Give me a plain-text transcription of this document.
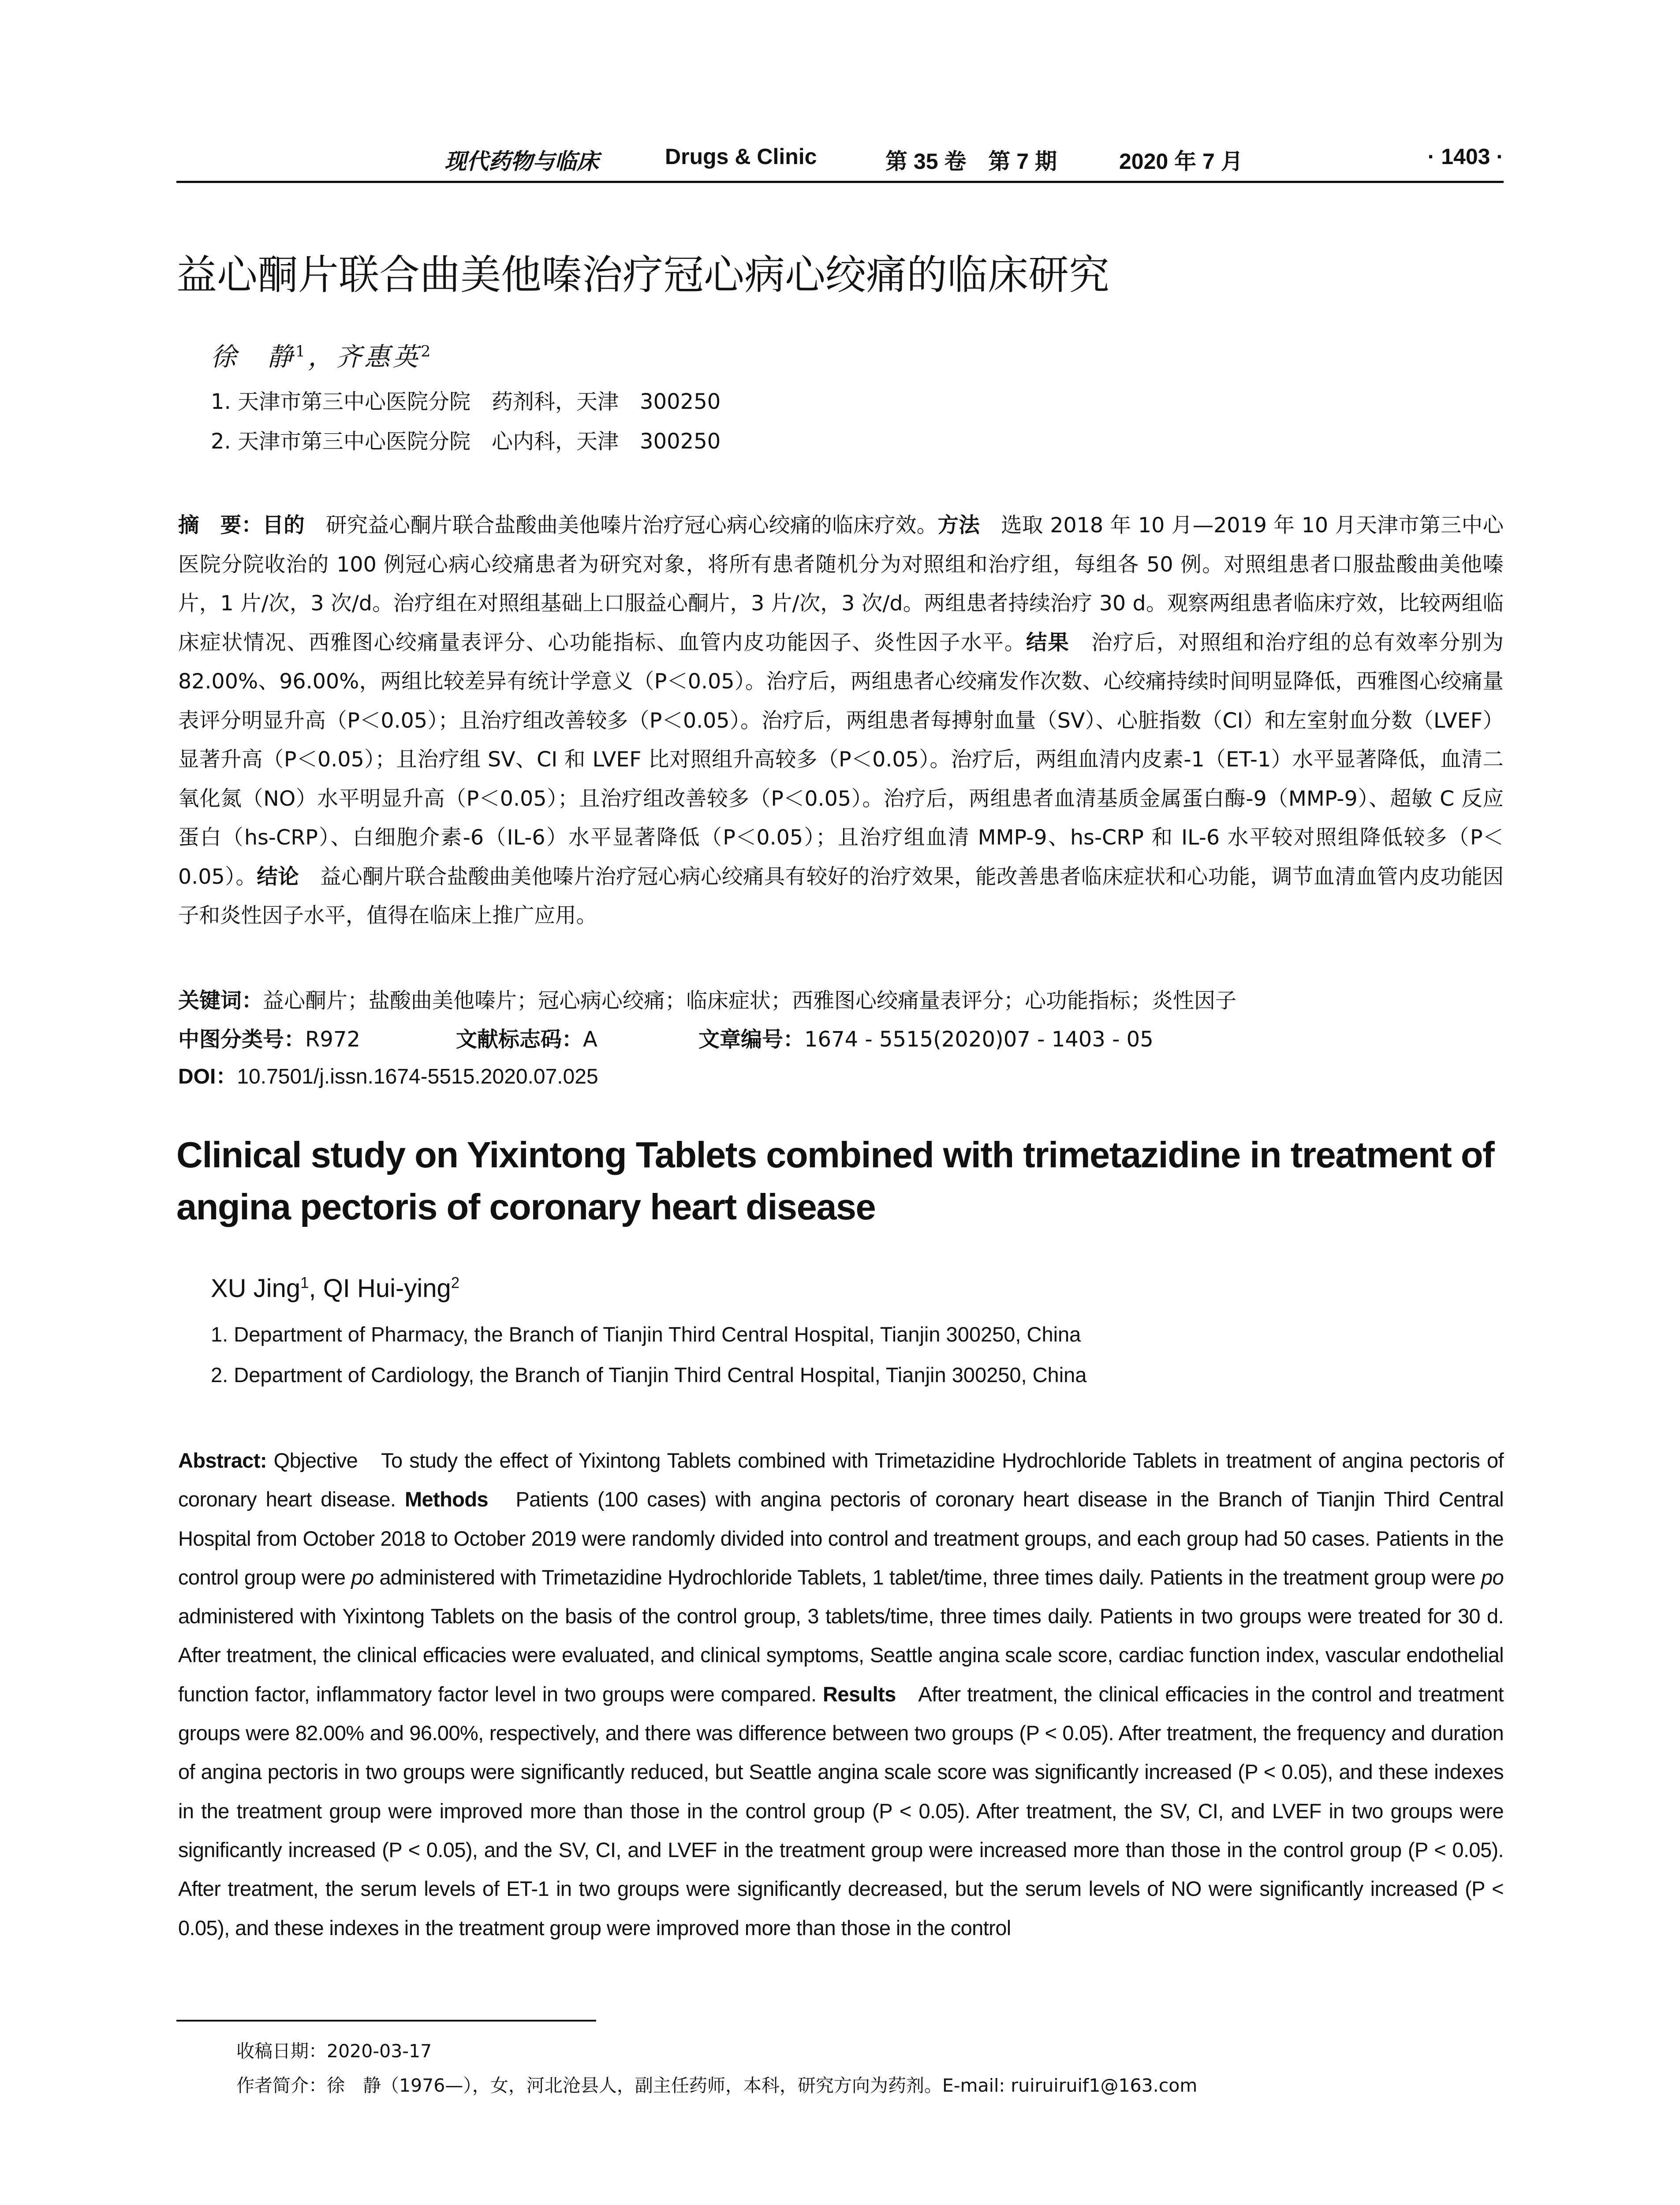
现代药物与临床	Drugs & Clinic	第 35 卷　第 7 期	2020 年 7 月	· 1403 ·
益心酮片联合曲美他嗪治疗冠心病心绞痛的临床研究
徐　静$^1$，齐惠英$^2$
1. 天津市第三中心医院分院　药剂科，天津　300250
2. 天津市第三中心医院分院　心内科，天津　300250
摘　要：目的　研究益心酮片联合盐酸曲美他嗪片治疗冠心病心绞痛的临床疗效。方法　选取 2018 年 10 月—2019 年 10 月天津市第三中心医院分院收治的 100 例冠心病心绞痛患者为研究对象，将所有患者随机分为对照组和治疗组，每组各 50 例。对照组患者口服盐酸曲美他嗪片，1 片/次，3 次/d。治疗组在对照组基础上口服益心酮片，3 片/次，3 次/d。两组患者持续治疗 30 d。观察两组患者临床疗效，比较两组临床症状情况、西雅图心绞痛量表评分、心功能指标、血管内皮功能因子、炎性因子水平。结果　治疗后，对照组和治疗组的总有效率分别为 82.00%、96.00%，两组比较差异有统计学意义（P＜0.05）。治疗后，两组患者心绞痛发作次数、心绞痛持续时间明显降低，西雅图心绞痛量表评分明显升高（P＜0.05）；且治疗组改善较多（P＜0.05）。治疗后，两组患者每搏射血量（SV）、心脏指数（CI）和左室射血分数（LVEF）显著升高（P＜0.05）；且治疗组 SV、CI 和 LVEF 比对照组升高较多（P＜0.05）。治疗后，两组血清内皮素-1（ET-1）水平显著降低，血清二氧化氮（NO）水平明显升高（P＜0.05）；且治疗组改善较多（P＜0.05）。治疗后，两组患者血清基质金属蛋白酶-9（MMP-9）、超敏 C 反应蛋白（hs-CRP）、白细胞介素-6（IL-6）水平显著降低（P＜0.05）；且治疗组血清 MMP-9、hs-CRP 和 IL-6 水平较对照组降低较多（P＜0.05）。结论　益心酮片联合盐酸曲美他嗪片治疗冠心病心绞痛具有较好的治疗效果，能改善患者临床症状和心功能，调节血清血管内皮功能因子和炎性因子水平，值得在临床上推广应用。
关键词：益心酮片；盐酸曲美他嗪片；冠心病心绞痛；临床症状；西雅图心绞痛量表评分；心功能指标；炎性因子
中图分类号：R972	文献标志码：A	文章编号：1674 - 5515(2020)07 - 1403 - 05
DOI：10.7501/j.issn.1674-5515.2020.07.025
Clinical study on Yixintong Tablets combined with trimetazidine in treatment of angina pectoris of coronary heart disease
XU Jing$^1$, QI Hui-ying$^2$
1. Department of Pharmacy, the Branch of Tianjin Third Central Hospital, Tianjin 300250, China
2. Department of Cardiology, the Branch of Tianjin Third Central Hospital, Tianjin 300250, China
Abstract: Qbjective　To study the effect of Yixintong Tablets combined with Trimetazidine Hydrochloride Tablets in treatment of angina pectoris of coronary heart disease. Methods　Patients (100 cases) with angina pectoris of coronary heart disease in the Branch of Tianjin Third Central Hospital from October 2018 to October 2019 were randomly divided into control and treatment groups, and each group had 50 cases. Patients in the control group were po administered with Trimetazidine Hydrochloride Tablets, 1 tablet/time, three times daily. Patients in the treatment group were po administered with Yixintong Tablets on the basis of the control group, 3 tablets/time, three times daily. Patients in two groups were treated for 30 d. After treatment, the clinical efficacies were evaluated, and clinical symptoms, Seattle angina scale score, cardiac function index, vascular endothelial function factor, inflammatory factor level in two groups were compared. Results　After treatment, the clinical efficacies in the control and treatment groups were 82.00% and 96.00%, respectively, and there was difference between two groups (P < 0.05). After treatment, the frequency and duration of angina pectoris in two groups were significantly reduced, but Seattle angina scale score was significantly increased (P < 0.05), and these indexes in the treatment group were improved more than those in the control group (P < 0.05). After treatment, the SV, CI, and LVEF in two groups were significantly increased (P < 0.05), and the SV, CI, and LVEF in the treatment group were increased more than those in the control group (P < 0.05). After treatment, the serum levels of ET-1 in two groups were significantly decreased, but the serum levels of NO were significantly increased (P < 0.05), and these indexes in the treatment group were improved more than those in the control
收稿日期：2020-03-17
作者简介：徐　静（1976—），女，河北沧县人，副主任药师，本科，研究方向为药剂。E-mail: ruiruiruif1@163.com
